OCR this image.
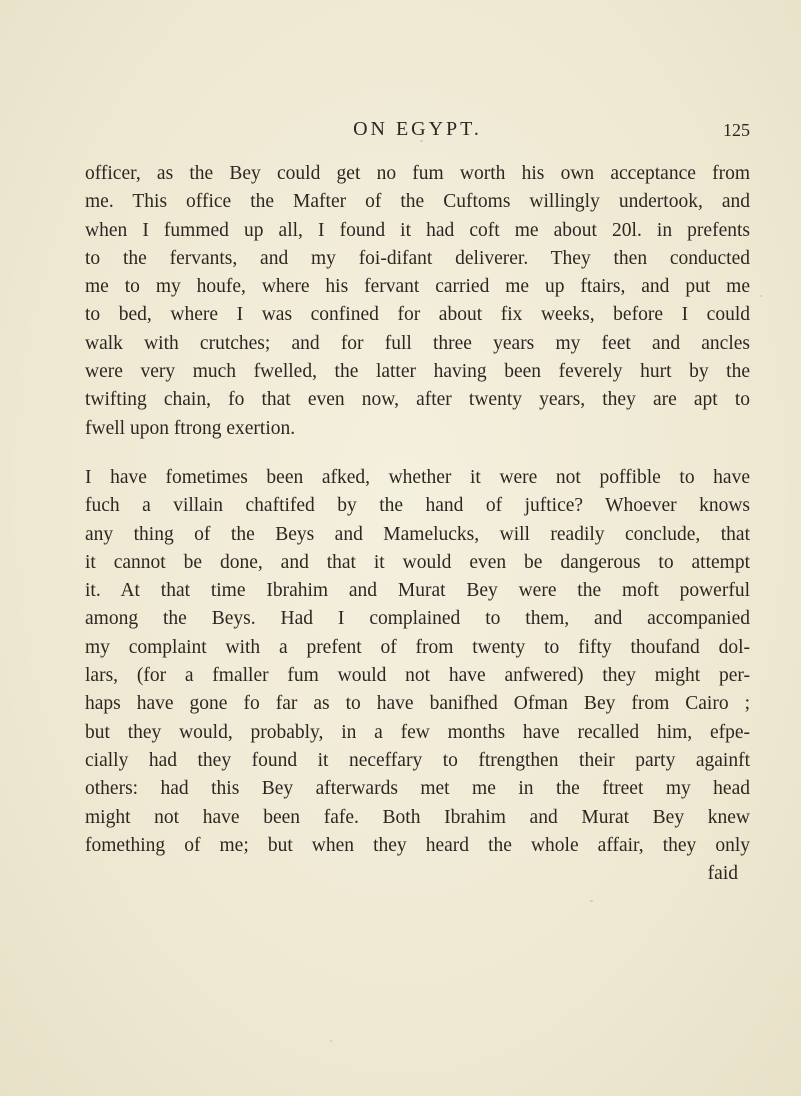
ON EGYPT.	125

officer, as the Bey could get no fum worth his own acceptance from
me. This office the Mafter of the Cuftoms willingly undertook, and
when I fummed up all, I found it had coft me about 20l. in prefents
to the fervants, and my foi-difant deliverer. They then conducted
me to my houfe, where his fervant carried me up ftairs, and put me
to bed, where I was confined for about fix weeks, before I could
walk with crutches; and for full three years my feet and ancles
were very much fwelled, the latter having been feverely hurt by the
twifting chain, fo that even now, after twenty years, they are apt to
fwell upon ftrong exertion.

I have fometimes been afked, whether it were not poffible to have
fuch a villain chaftifed by the hand of juftice? Whoever knows
any thing of the Beys and Mamelucks, will readily conclude, that
it cannot be done, and that it would even be dangerous to attempt
it. At that time Ibrahim and Murat Bey were the moft powerful
among the Beys. Had I complained to them, and accompanied
my complaint with a prefent of from twenty to fifty thoufand dol-
lars, (for a fmaller fum would not have anfwered) they might per-
haps have gone fo far as to have banifhed Ofman Bey from Cairo ;
but they would, probably, in a few months have recalled him, efpe-
cially had they found it neceffary to ftrengthen their party againft
others: had this Bey afterwards met me in the ftreet my head
might not have been fafe. Both Ibrahim and Murat Bey knew
fomething of me; but when they heard the whole affair, they only

faid
